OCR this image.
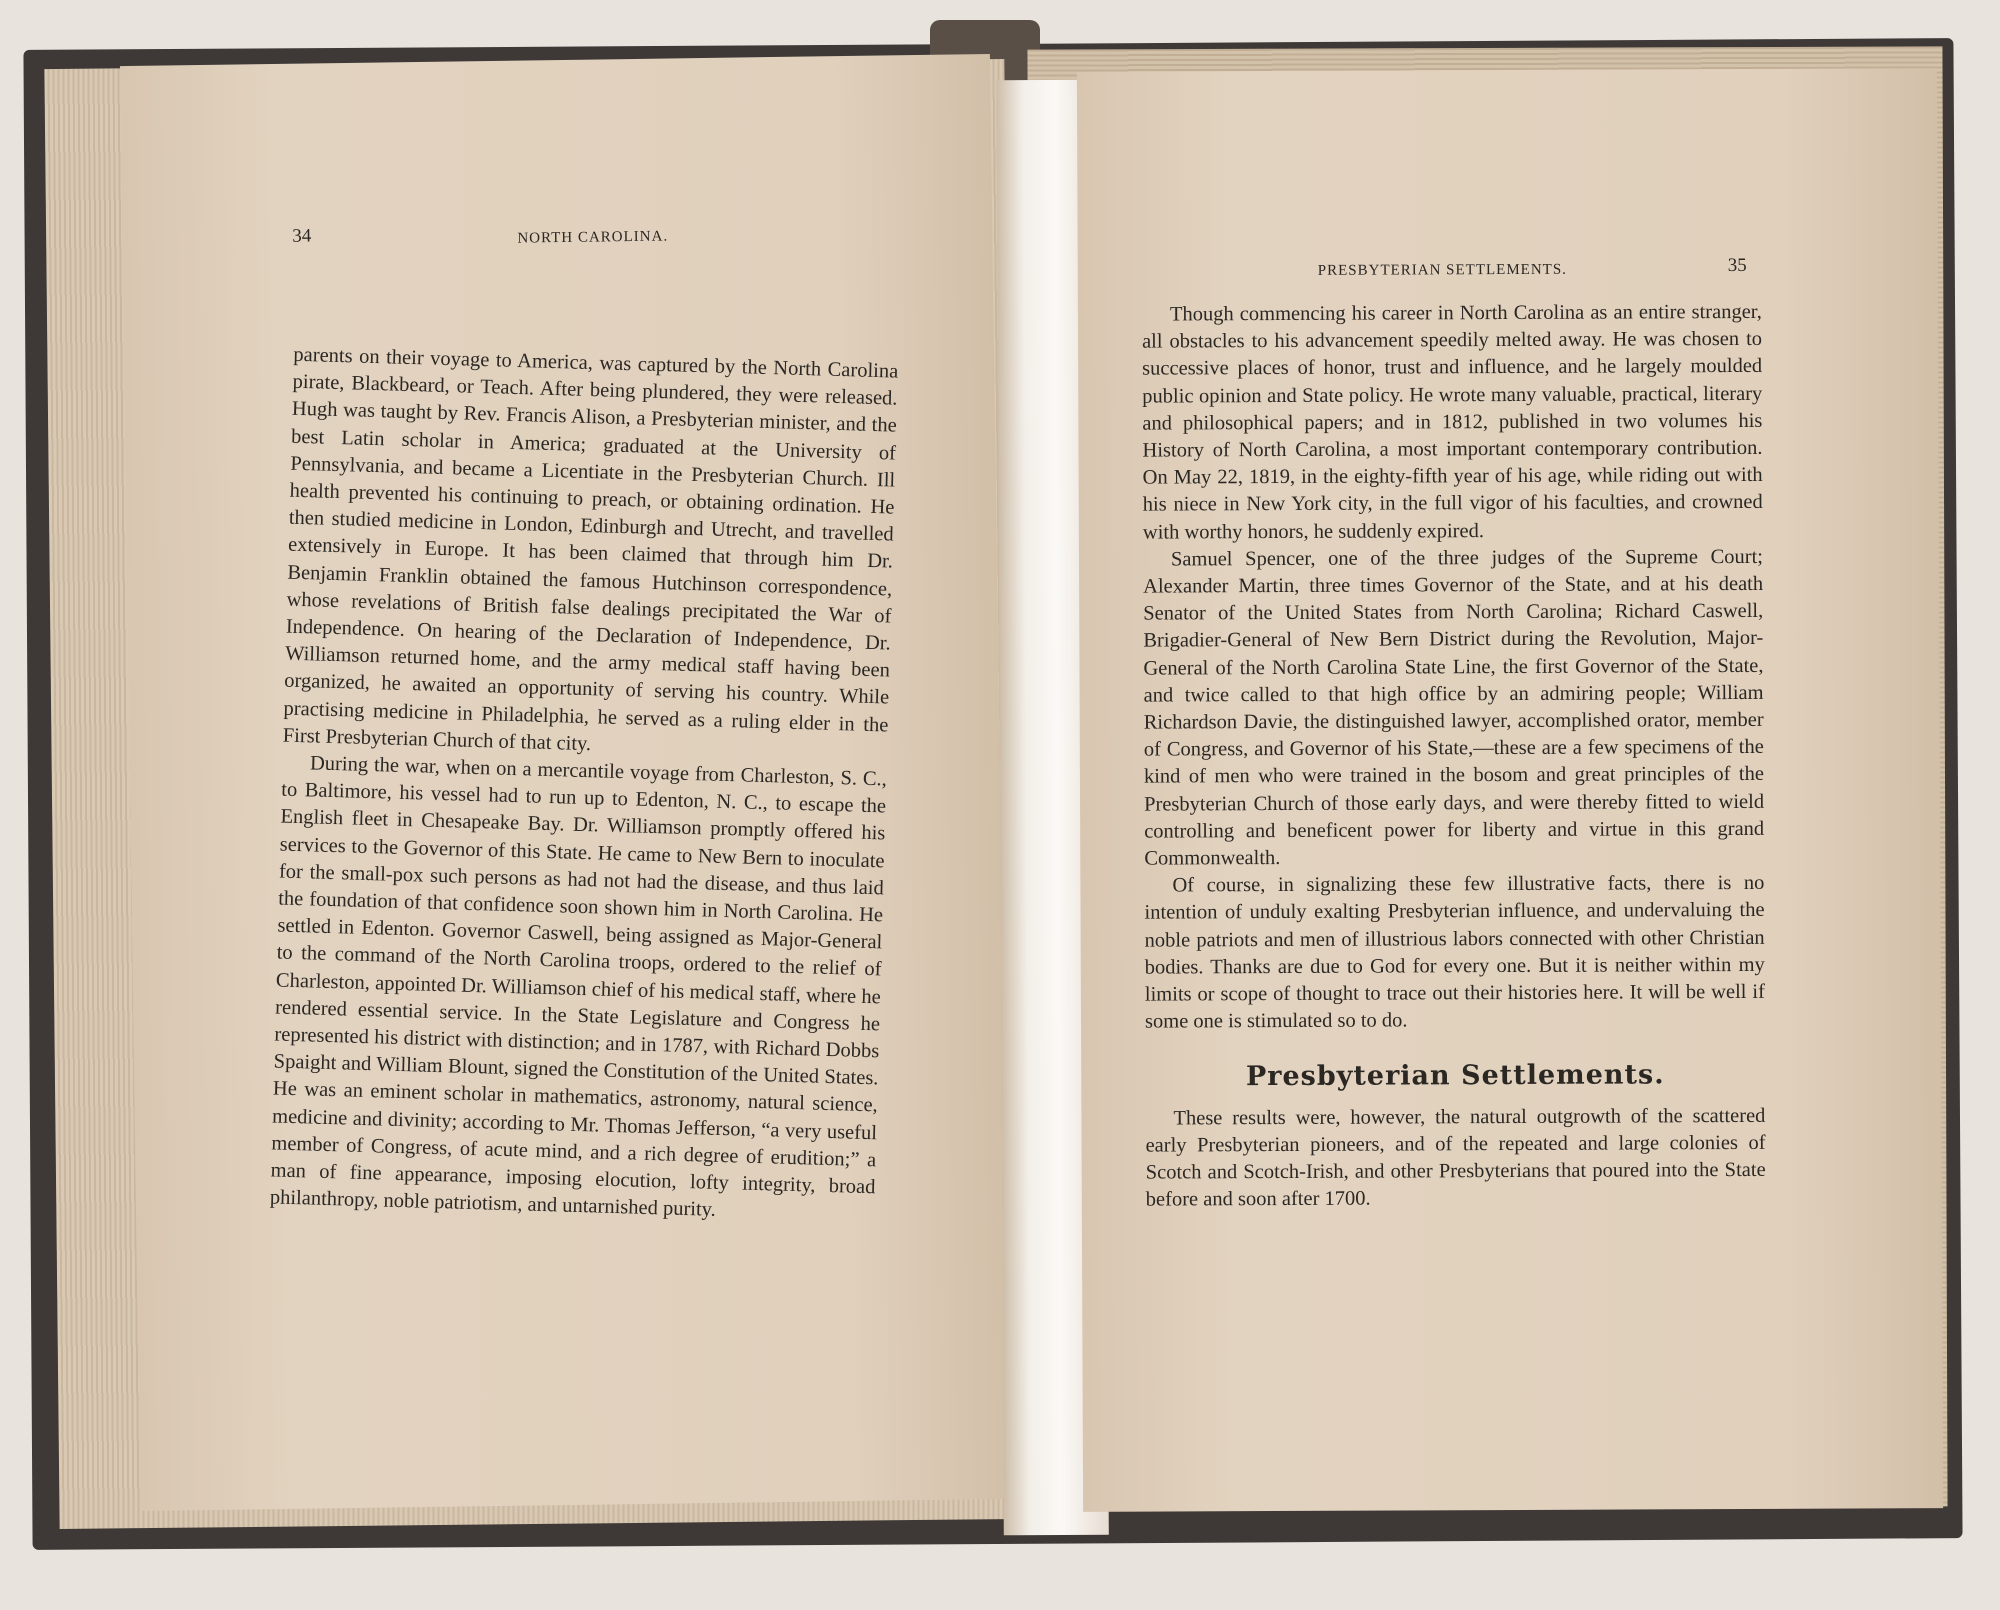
34	NORTH CAROLINA.

parents on their voyage to America, was captured by the North Carolina pirate, Blackbeard, or Teach. After being plundered, they were released. Hugh was taught by Rev. Francis Alison, a Presbyterian minister, and the best Latin scholar in America; graduated at the University of Pennsylvania, and became a Licentiate in the Presbyterian Church. Ill health prevented his continuing to preach, or obtaining ordination. He then studied medicine in London, Edinburgh and Utrecht, and travelled extensively in Europe. It has been claimed that through him Dr. Benjamin Franklin obtained the famous Hutchinson correspondence, whose revelations of British false dealings precipitated the War of Independence. On hearing of the Declaration of Independence, Dr. Williamson returned home, and the army medical staff having been organized, he awaited an opportunity of serving his country. While practising medicine in Philadelphia, he served as a ruling elder in the First Presbyterian Church of that city.

During the war, when on a mercantile voyage from Charleston, S. C., to Baltimore, his vessel had to run up to Edenton, N. C., to escape the English fleet in Chesapeake Bay. Dr. Williamson promptly offered his services to the Governor of this State. He came to New Bern to inoculate for the small-pox such persons as had not had the disease, and thus laid the foundation of that confidence soon shown him in North Carolina. He settled in Edenton. Governor Caswell, being assigned as Major-General to the command of the North Carolina troops, ordered to the relief of Charleston, appointed Dr. Williamson chief of his medical staff, where he rendered essential service. In the State Legislature and Congress he represented his district with distinction; and in 1787, with Richard Dobbs Spaight and William Blount, signed the Constitution of the United States. He was an eminent scholar in mathematics, astronomy, natural science, medicine and divinity; according to Mr. Thomas Jefferson, “a very useful member of Congress, of acute mind, and a rich degree of erudition;” a man of fine appearance, imposing elocution, lofty integrity, broad philanthropy, noble patriotism, and untarnished purity.

PRESBYTERIAN SETTLEMENTS.	35

Though commencing his career in North Carolina as an entire stranger, all obstacles to his advancement speedily melted away. He was chosen to successive places of honor, trust and influence, and he largely moulded public opinion and State policy. He wrote many valuable, practical, literary and philosophical papers; and in 1812, published in two volumes his History of North Carolina, a most important contemporary contribution. On May 22, 1819, in the eighty-fifth year of his age, while riding out with his niece in New York city, in the full vigor of his faculties, and crowned with worthy honors, he suddenly expired.

Samuel Spencer, one of the three judges of the Supreme Court; Alexander Martin, three times Governor of the State, and at his death Senator of the United States from North Carolina; Richard Caswell, Brigadier-General of New Bern District during the Revolution, Major-General of the North Carolina State Line, the first Governor of the State, and twice called to that high office by an admiring people; William Richardson Davie, the distinguished lawyer, accomplished orator, member of Congress, and Governor of his State,—these are a few specimens of the kind of men who were trained in the bosom and great principles of the Presbyterian Church of those early days, and were thereby fitted to wield controlling and beneficent power for liberty and virtue in this grand Commonwealth.

Of course, in signalizing these few illustrative facts, there is no intention of unduly exalting Presbyterian influence, and undervaluing the noble patriots and men of illustrious labors connected with other Christian bodies. Thanks are due to God for every one. But it is neither within my limits or scope of thought to trace out their histories here. It will be well if some one is stimulated so to do.

Presbyterian Settlements.

These results were, however, the natural outgrowth of the scattered early Presbyterian pioneers, and of the repeated and large colonies of Scotch and Scotch-Irish, and other Presbyterians that poured into the State before and soon after 1700.
